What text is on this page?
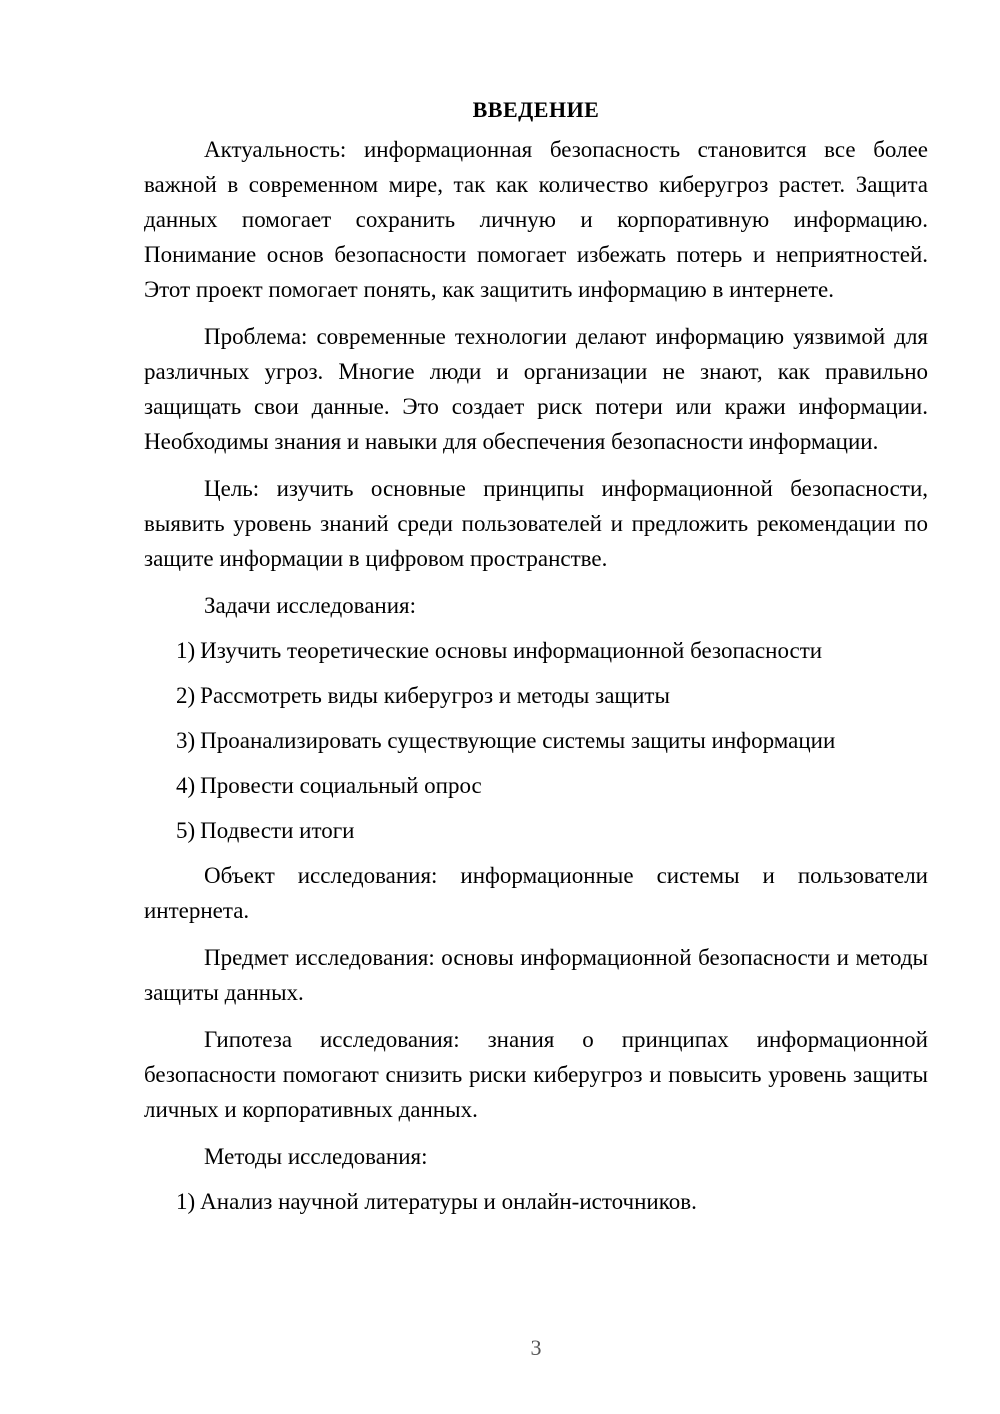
ВВЕДЕНИЕ

Актуальность: информационная безопасность становится все более важной в современном мире, так как количество киберугроз растет. Защита данных помогает сохранить личную и корпоративную информацию. Понимание основ безопасности помогает избежать потерь и неприятностей. Этот проект помогает понять, как защитить информацию в интернете.

Проблема: современные технологии делают информацию уязвимой для различных угроз. Многие люди и организации не знают, как правильно защищать свои данные. Это создает риск потери или кражи информации. Необходимы знания и навыки для обеспечения безопасности информации.

Цель: изучить основные принципы информационной безопасности, выявить уровень знаний среди пользователей и предложить рекомендации по защите информации в цифровом пространстве.

Задачи исследования:

1) Изучить теоретические основы информационной безопасности
2) Рассмотреть виды киберугроз и методы защиты
3) Проанализировать существующие системы защиты информации
4) Провести социальный опрос
5) Подвести итоги

Объект исследования: информационные системы и пользователи интернета.

Предмет исследования: основы информационной безопасности и методы защиты данных.

Гипотеза исследования: знания о принципах информационной безопасности помогают снизить риски киберугроз и повысить уровень защиты личных и корпоративных данных.

Методы исследования:

1) Анализ научной литературы и онлайн-источников.
3
